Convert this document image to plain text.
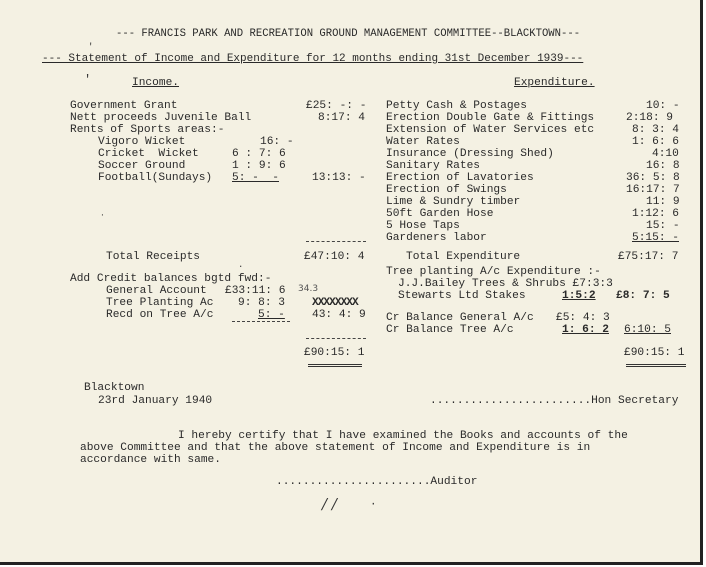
--- FRANCIS PARK AND RECREATION GROUND MANAGEMENT COMMITTEE--BLACKTOWN---
--- Statement of Income and Expenditure for 12 months ending 31st December 1939---
'
'	Income.
Government Grant	£25: -: -
Nett proceeds Juvenile Ball	8:17: 4
Rents of Sports areas:-
Vigoro Wicket	16: -
Cricket  Wicket	6 : 7: 6
Soccer Ground	1 : 9: 6
Football(Sundays) 5: -  -	13:13: -
·
Total Receipts	£47:10: 4
·
Add Credit balances bgtd fwd:-
General Account £33:11: 6 34.3
Tree Planting Ac 9: 8: 3 XXXXXXXX
Recd on Tree A/c	5: - 43: 4: 9
£90:15: 1
Expenditure.
Petty Cash & Postages	10: -
Erection Double Gate & Fittings	2:18: 9
Extension of Water Services etc	8: 3: 4
Water Rates	1: 6: 6
Insurance (Dressing Shed)	4:10
Sanitary Rates	16: 8
Erection of Lavatories	36: 5: 8
Erection of Swings	16:17: 7
Lime & Sundry timber	11: 9
50ft Garden Hose	1:12: 6
5 Hose Taps	15: -
Gardeners labor	5:15: -
Total Expenditure	£75:17: 7
Tree planting A/c Expenditure :-
J.J.Bailey Trees & Shrubs £7:3:3
Stewarts Ltd Stakes	1:5:2 £8: 7: 5
Cr Balance General A/c £5: 4: 3
Cr Balance Tree A/c	1: 6: 2 6:10: 5
£90:15: 1
Blacktown
23rd January 1940	........................Hon Secretary
I hereby certify that I have examined the Books and accounts of the
above Committee and that the above statement of Income and Expenditure is in
accordance with same.
.......................Auditor
/ /	·
